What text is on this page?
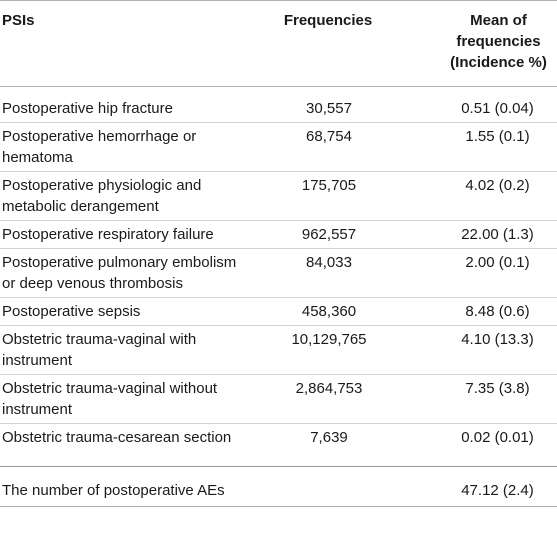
PSIs	Frequencies	Mean of frequencies (Incidence %)
Postoperative hip fracture	30,557	0.51 (0.04)
Postoperative hemorrhage or hematoma	68,754	1.55 (0.1)
Postoperative physiologic and metabolic derangement	175,705	4.02 (0.2)
Postoperative respiratory failure	962,557	22.00 (1.3)
Postoperative pulmonary embolism or deep venous thrombosis	84,033	2.00 (0.1)
Postoperative sepsis	458,360	8.48 (0.6)
Obstetric trauma-vaginal with instrument	10,129,765	4.10 (13.3)
Obstetric trauma-vaginal without instrument	2,864,753	7.35 (3.8)
Obstetric trauma-cesarean section	7,639	0.02 (0.01)
The number of postoperative AEs		47.12 (2.4)
